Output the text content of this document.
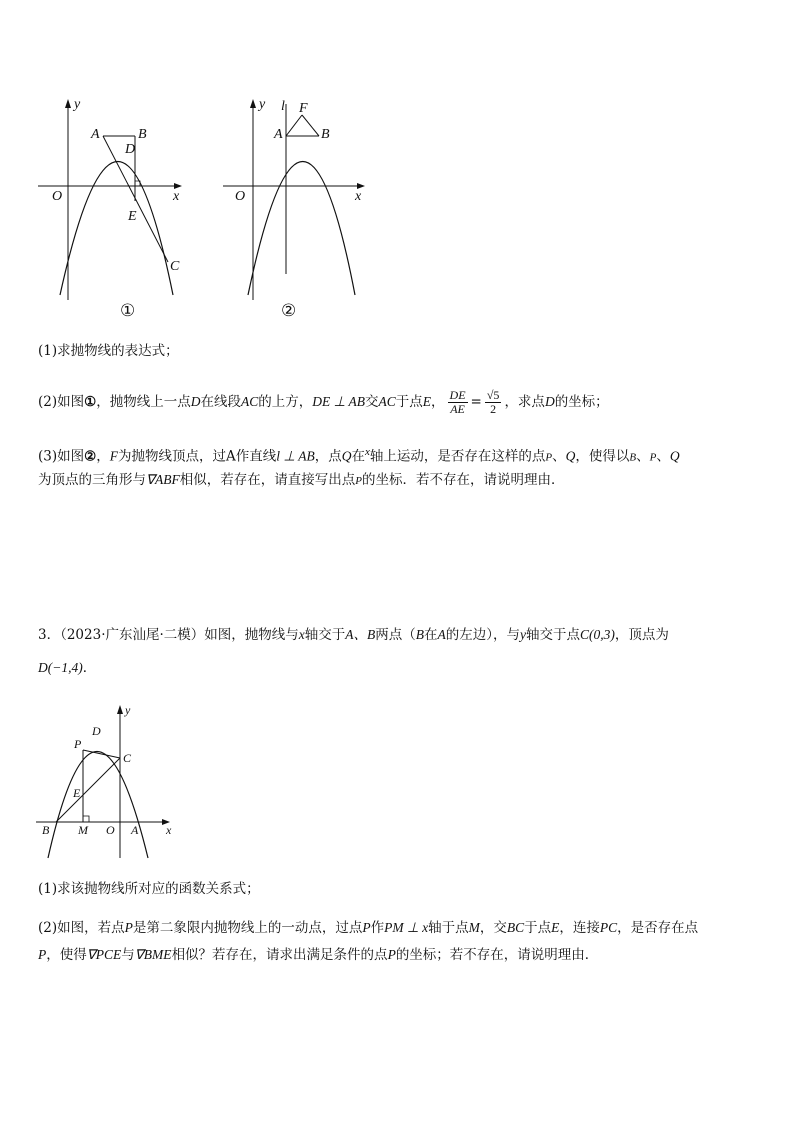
y
x
O
A	B
D
E
C
①
y l F
A	B
x
O
②
(1)求抛物线的表达式；
(2)如图①，抛物线上一点D在线段AC的上方，DE ⊥ AB交AC于点E， $\frac{DE}{AE} = \frac{√5}{2}$ ，求点D的坐标；
(3)如图②，F为抛物线顶点，过A作直线l ⊥ AB，点Q在$^x$轴上运动，是否存在这样的点P、Q，使得以B、P、Q
为顶点的三角形与∇ABF相似，若存在，请直接写出点P的坐标．若不存在，请说明理由．
3．（2023·广东汕尾·二模）如图，抛物线与x轴交于A、B两点（B在A的左边），与y轴交于点C(0,3)，顶点为
D(−1,4)．
y
D
P
C
E
B M O A x
(1)求该抛物线所对应的函数关系式；
(2)如图，若点P是第二象限内抛物线上的一动点，过点P作PM ⊥ x轴于点M，交BC于点E，连接PC，是否存在点
P，使得∇PCE与∇BME相似？若存在，请求出满足条件的点P的坐标；若不存在，请说明理由．
